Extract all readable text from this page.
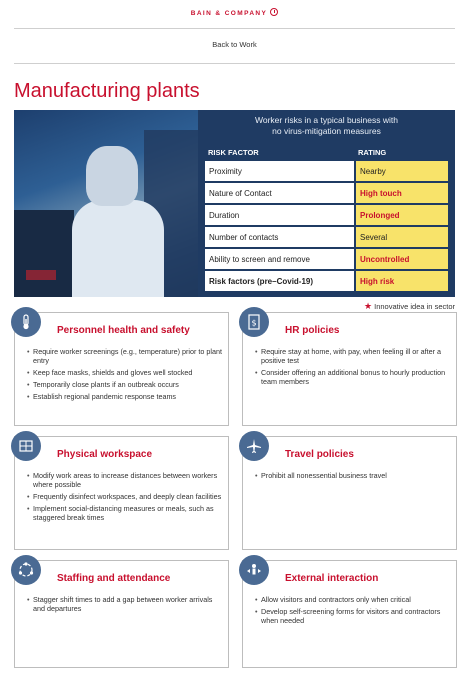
BAIN & COMPANY
Back to Work
Manufacturing plants
Worker risks in a typical business with
no virus-mitigation measures
RISK FACTOR	RATING
Proximity	Nearby
Nature of Contact	High touch
Duration	Prolonged
Number of contacts	Several
Ability to screen and remove	Uncontrolled
Risk factors (pre–Covid-19)	High risk
★ Innovative idea in sector
Personnel health and safety
• Require worker screenings (e.g., temperature) prior to plant entry
• Keep face masks, shields and gloves well stocked
• Temporarily close plants if an outbreak occurs
• Establish regional pandemic response teams
$
HR policies
• Require stay at home, with pay, when feeling ill or after a positive test
• Consider offering an additional bonus to hourly production team members
Physical workspace
• Modify work areas to increase distances between workers where possible
• Frequently disinfect workspaces, and deeply clean facilities
• Implement social-distancing measures or meals, such as staggered break times
Travel policies
• Prohibit all nonessential business travel
Staffing and attendance
• Stagger shift times to add a gap between worker arrivals and departures
External interaction
• Allow visitors and contractors only when critical
• Develop self-screening forms for visitors and contractors when needed
